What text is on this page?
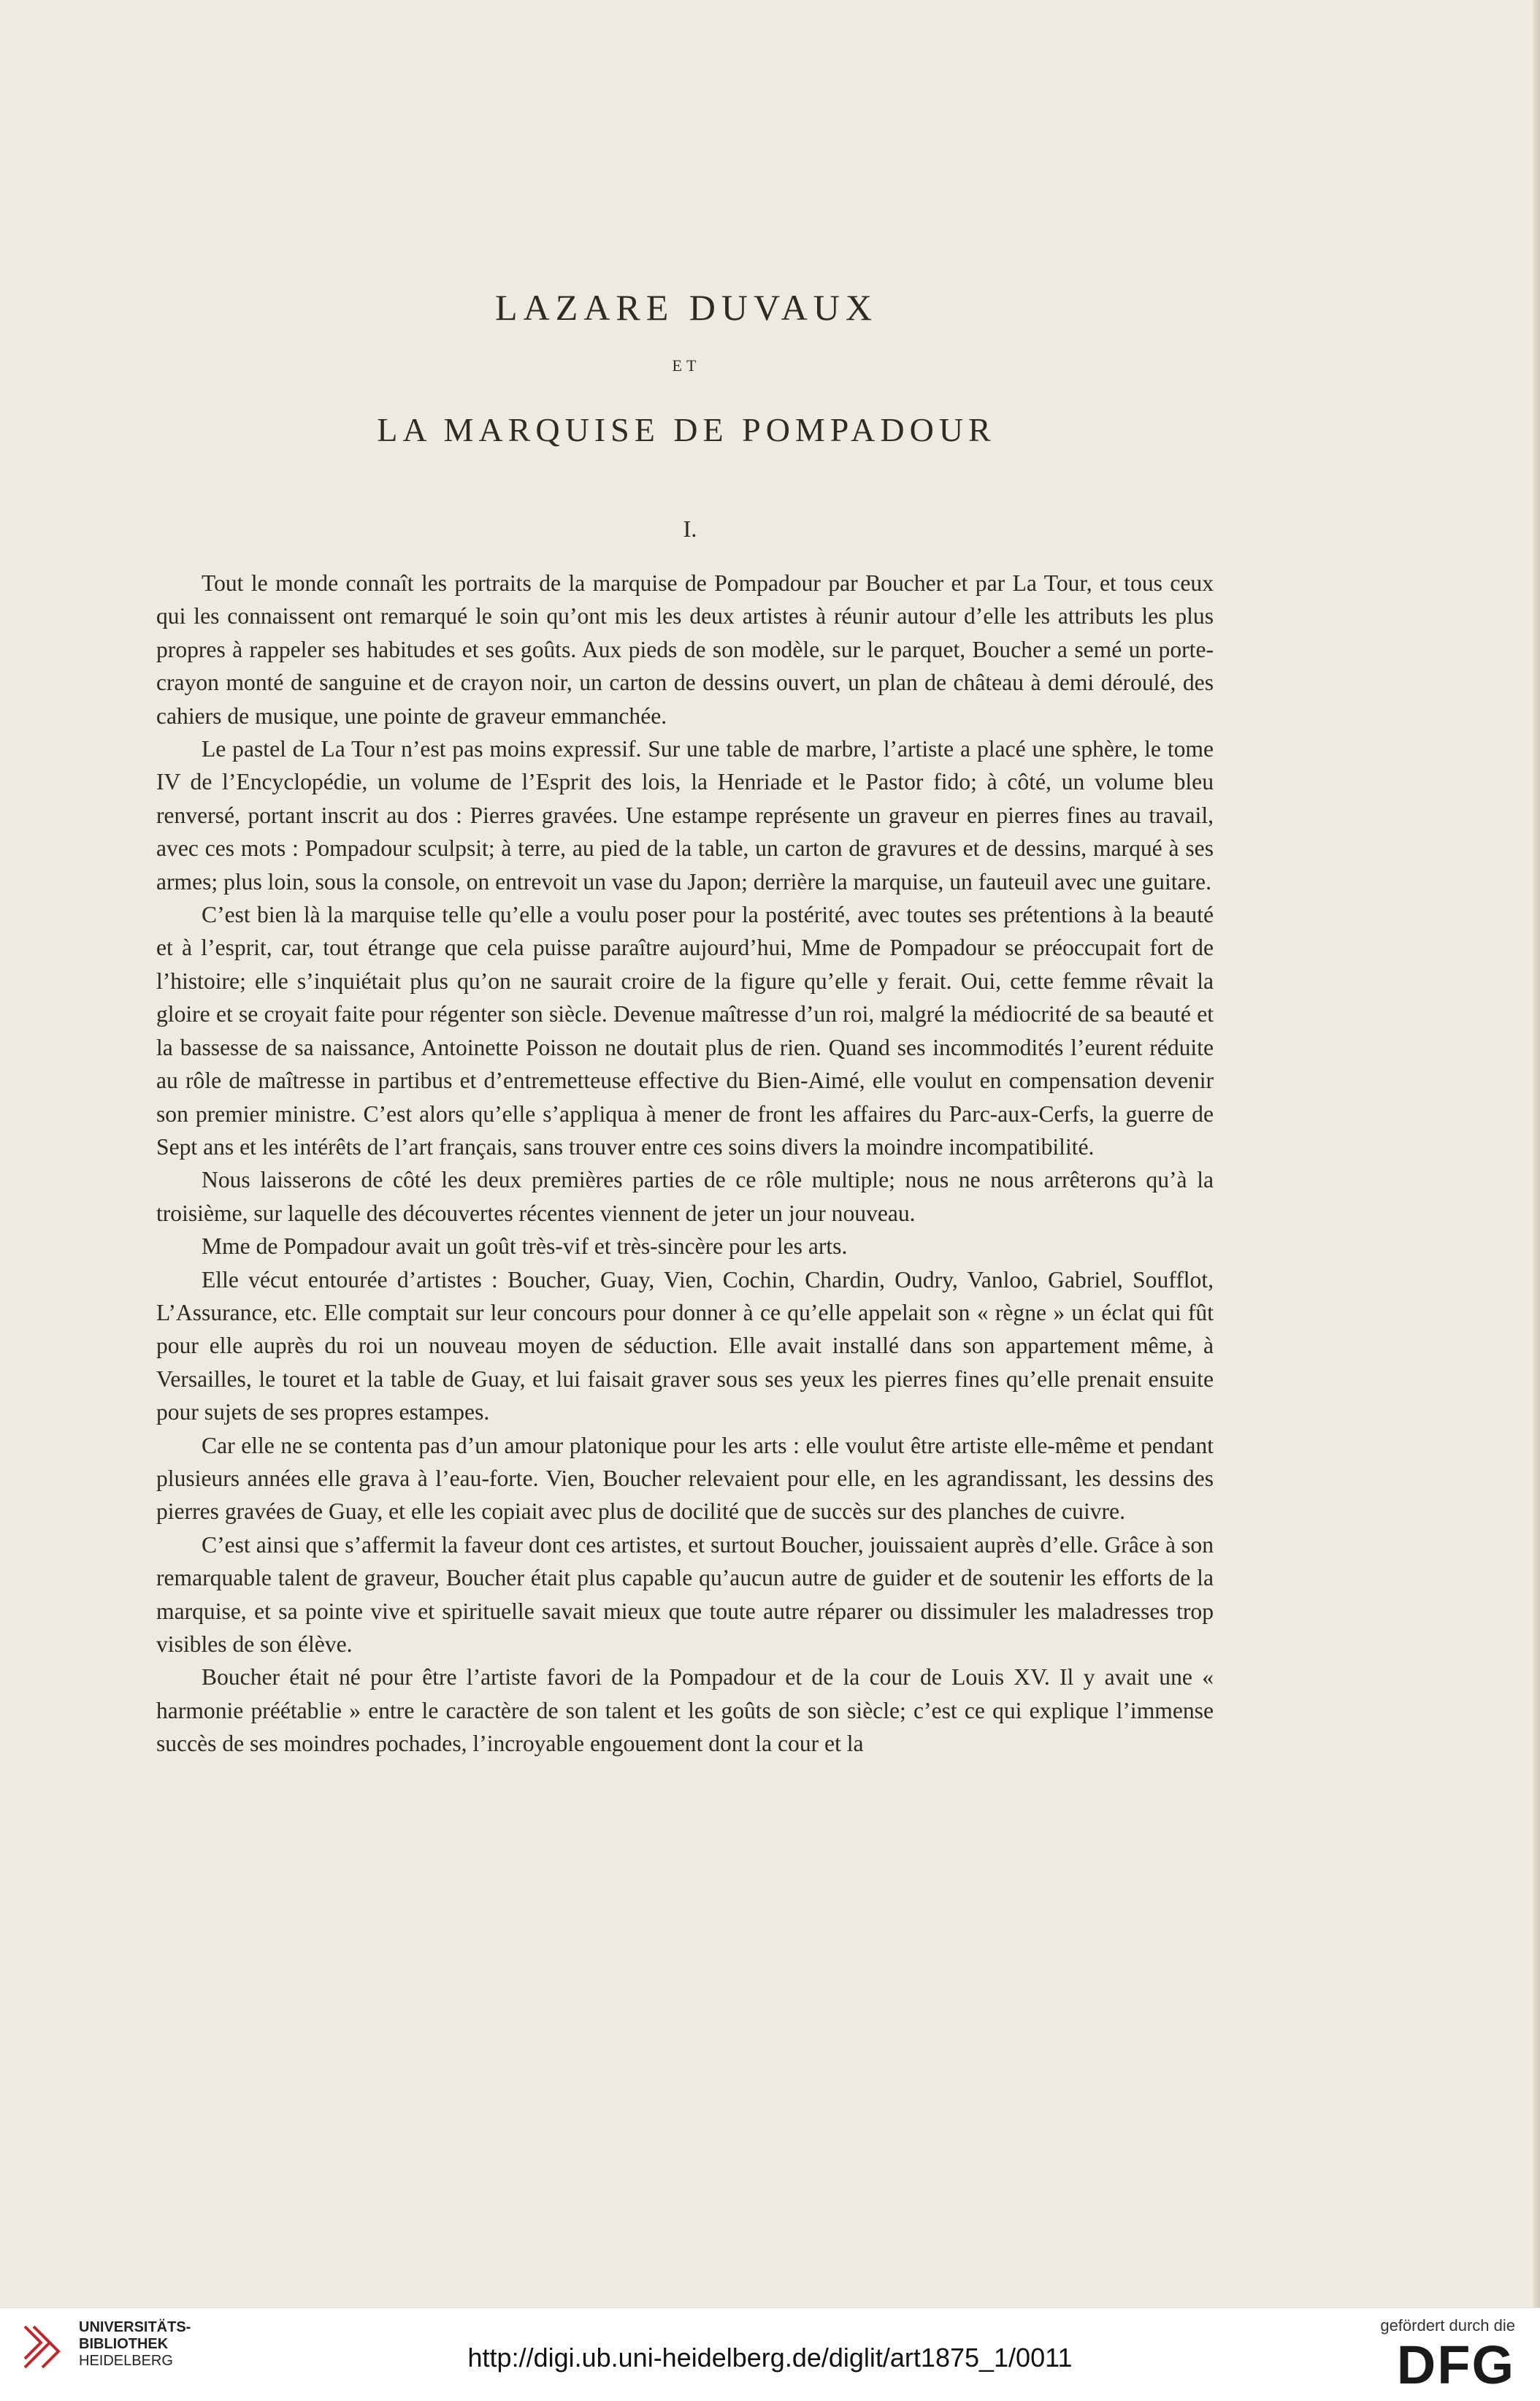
LAZARE DUVAUX
ET
LA MARQUISE DE POMPADOUR
I.

Tout le monde connaît les portraits de la marquise de Pompadour par Boucher et par La Tour, et tous ceux qui les connaissent ont remarqué le soin qu’ont mis les deux artistes à réunir autour d’elle les attributs les plus propres à rappeler ses habitudes et ses goûts. Aux pieds de son modèle, sur le parquet, Boucher a semé un porte-crayon monté de sanguine et de crayon noir, un carton de dessins ouvert, un plan de château à demi déroulé, des cahiers de musique, une pointe de graveur emmanchée.

Le pastel de La Tour n’est pas moins expressif. Sur une table de marbre, l’artiste a placé une sphère, le tome IV de l’Encyclopédie, un volume de l’Esprit des lois, la Henriade et le Pastor fido; à côté, un volume bleu renversé, portant inscrit au dos : Pierres gravées. Une estampe représente un graveur en pierres fines au travail, avec ces mots : Pompadour sculpsit; à terre, au pied de la table, un carton de gravures et de dessins, marqué à ses armes; plus loin, sous la console, on entrevoit un vase du Japon; derrière la marquise, un fauteuil avec une guitare.

C’est bien là la marquise telle qu’elle a voulu poser pour la postérité, avec toutes ses prétentions à la beauté et à l’esprit, car, tout étrange que cela puisse paraître aujourd’hui, Mme de Pompadour se préoccupait fort de l’histoire; elle s’inquiétait plus qu’on ne saurait croire de la figure qu’elle y ferait. Oui, cette femme rêvait la gloire et se croyait faite pour régenter son siècle. Devenue maîtresse d’un roi, malgré la médiocrité de sa beauté et la bassesse de sa naissance, Antoinette Poisson ne doutait plus de rien. Quand ses incommodités l’eurent réduite au rôle de maîtresse in partibus et d’entremetteuse effective du Bien-Aimé, elle voulut en compensation devenir son premier ministre. C’est alors qu’elle s’appliqua à mener de front les affaires du Parc-aux-Cerfs, la guerre de Sept ans et les intérêts de l’art français, sans trouver entre ces soins divers la moindre incompatibilité.

Nous laisserons de côté les deux premières parties de ce rôle multiple; nous ne nous arrêterons qu’à la troisième, sur laquelle des découvertes récentes viennent de jeter un jour nouveau.

Mme de Pompadour avait un goût très-vif et très-sincère pour les arts.

Elle vécut entourée d’artistes : Boucher, Guay, Vien, Cochin, Chardin, Oudry, Vanloo, Gabriel, Soufflot, L’Assurance, etc. Elle comptait sur leur concours pour donner à ce qu’elle appelait son « règne » un éclat qui fût pour elle auprès du roi un nouveau moyen de séduction. Elle avait installé dans son appartement même, à Versailles, le touret et la table de Guay, et lui faisait graver sous ses yeux les pierres fines qu’elle prenait ensuite pour sujets de ses propres estampes.

Car elle ne se contenta pas d’un amour platonique pour les arts : elle voulut être artiste elle-même et pendant plusieurs années elle grava à l’eau-forte. Vien, Boucher relevaient pour elle, en les agrandissant, les dessins des pierres gravées de Guay, et elle les copiait avec plus de docilité que de succès sur des planches de cuivre.

C’est ainsi que s’affermit la faveur dont ces artistes, et surtout Boucher, jouissaient auprès d’elle. Grâce à son remarquable talent de graveur, Boucher était plus capable qu’aucun autre de guider et de soutenir les efforts de la marquise, et sa pointe vive et spirituelle savait mieux que toute autre réparer ou dissimuler les maladresses trop visibles de son élève.

Boucher était né pour être l’artiste favori de la Pompadour et de la cour de Louis XV. Il y avait une « harmonie préétablie » entre le caractère de son talent et les goûts de son siècle; c’est ce qui explique l’immense succès de ses moindres pochades, l’incroyable engouement dont la cour et la

UNIVERSITÄTS-
BIBLIOTHEK
HEIDELBERG	http://digi.ub.uni-heidelberg.de/diglit/art1875_1/0011
gefördert durch die
DFG
